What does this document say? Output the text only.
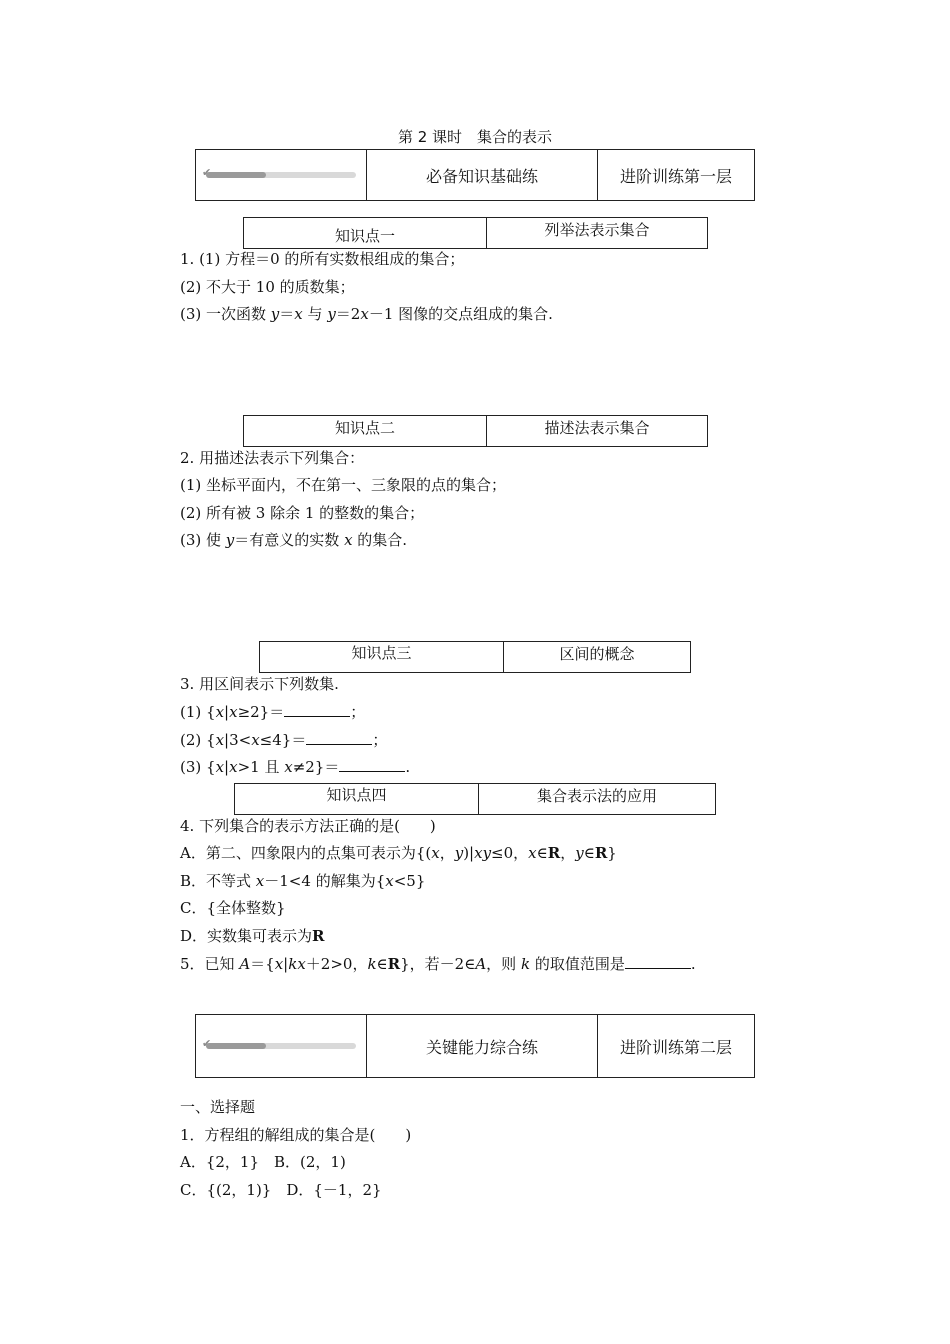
第 2 课时　集合的表示
✔	必备知识基础练	进阶训练第一层
知识点一	列举法表示集合
1. (1) 方程＝0 的所有实数根组成的集合；
(2) 不大于 10 的质数集；
(3) 一次函数 y＝x 与 y＝2x－1 图像的交点组成的集合.
知识点二	描述法表示集合
2. 用描述法表示下列集合：
(1) 坐标平面内，不在第一、三象限的点的集合；
(2) 所有被 3 除余 1 的整数的集合；
(3) 使 y＝有意义的实数 x 的集合.
知识点三	区间的概念
3. 用区间表示下列数集.
(1) {x|x≥2}＝	；
(2) {x|3<x≤4}＝	；
(3) {x|x>1 且 x≠2}＝	.
知识点四	集合表示法的应用
4. 下列集合的表示方法正确的是(　　)
A．第二、四象限内的点集可表示为{(x，y)|xy≤0，x∈R，y∈R}
B．不等式 x－1<4 的解集为{x<5}
C．{全体整数}
D．实数集可表示为R
5．已知 A＝{x|kx＋2>0，k∈R}，若－2∈A，则 k 的取值范围是	.
✔	关键能力综合练	进阶训练第二层
一、选择题
1．方程组的解组成的集合是(　　)
A．{2，1}　B．(2，1)
C．{(2，1)}　D．{－1，2}
